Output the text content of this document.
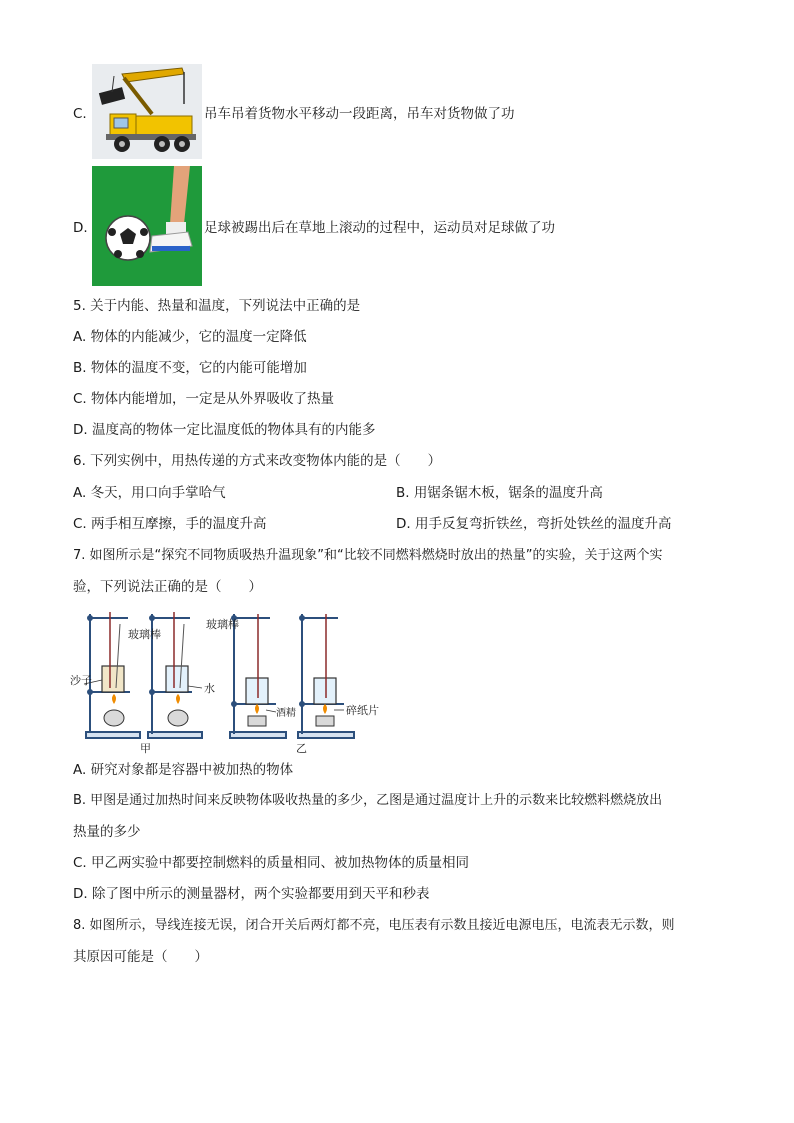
C.	吊车吊着货物水平移动一段距离，吊车对货物做了功
D.	足球被踢出后在草地上滚动的过程中，运动员对足球做了功
5. 关于内能、热量和温度，下列说法中正确的是
A. 物体的内能减少，它的温度一定降低
B. 物体的温度不变，它的内能可能增加
C. 物体内能增加，一定是从外界吸收了热量
D. 温度高的物体一定比温度低的物体具有的内能多
6. 下列实例中，用热传递的方式来改变物体内能的是（　　）
A. 冬天，用口向手掌哈气	B. 用锯条锯木板，锯条的温度升高
C. 两手相互摩擦，手的温度升高	D. 用手反复弯折铁丝，弯折处铁丝的温度升高
7. 如图所示是“探究不同物质吸热升温现象”和“比较不同燃料燃烧时放出的热量”的实验，关于这两个实
验，下列说法正确的是（　　）
沙子
玻璃棒
玻璃棒
水
酒精	碎纸片
甲	乙
A. 研究对象都是容器中被加热的物体
B. 甲图是通过加热时间来反映物体吸收热量的多少，乙图是通过温度计上升的示数来比较燃料燃烧放出
热量的多少
C. 甲乙两实验中都要控制燃料的质量相同、被加热物体的质量相同
D. 除了图中所示的测量器材，两个实验都要用到天平和秒表
8. 如图所示，导线连接无误，闭合开关后两灯都不亮，电压表有示数且接近电源电压，电流表无示数，则
其原因可能是（　　）
